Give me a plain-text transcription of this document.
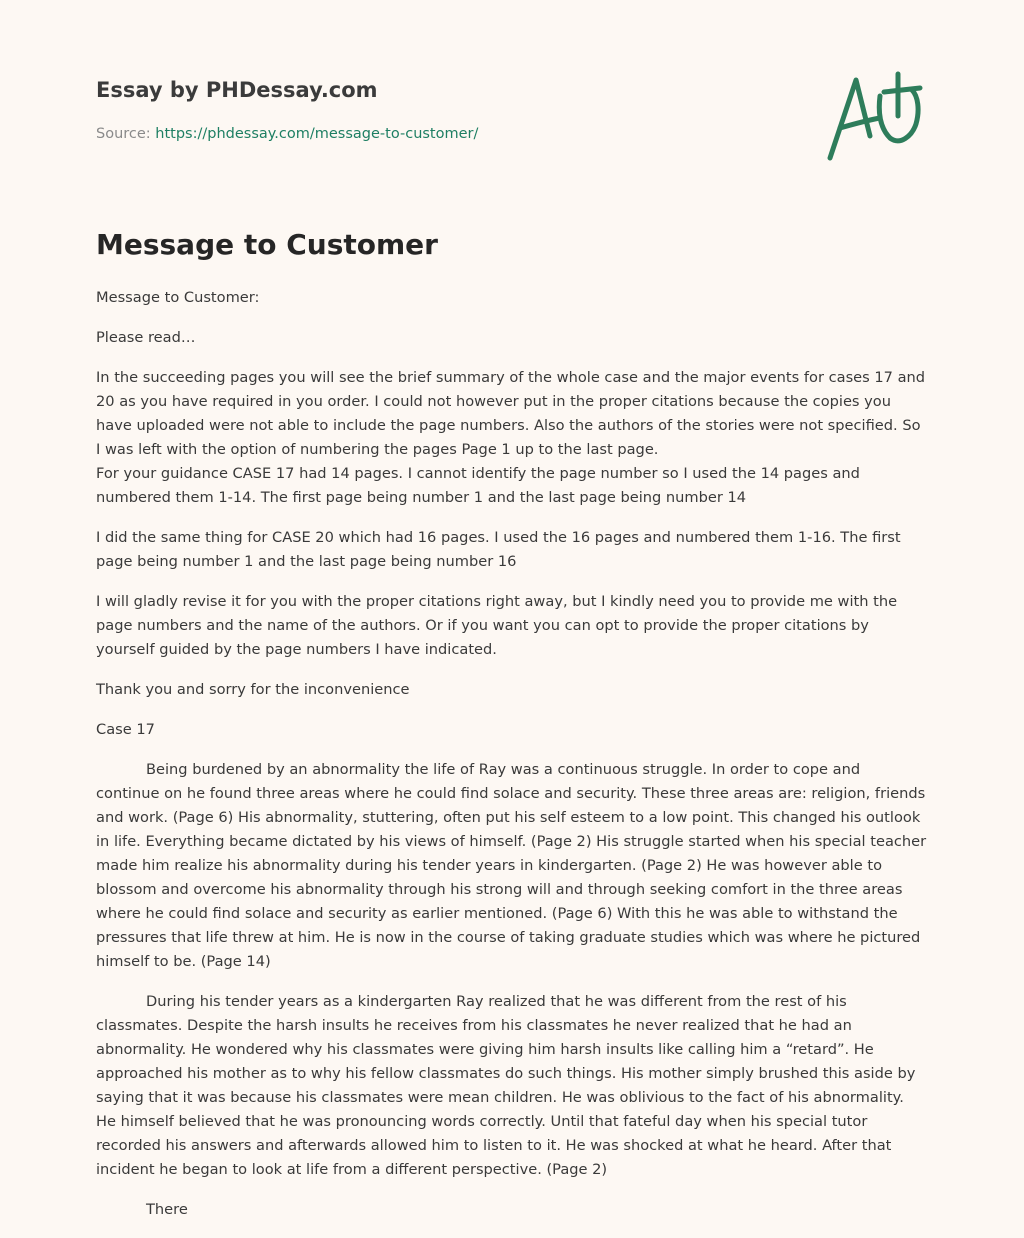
Essay by PHDessay.com
Source: https://phdessay.com/message-to-customer/
Message to Customer

Message to Customer:

Please read…

In the succeeding pages you will see the brief summary of the whole case and the major events for cases 17 and 20 as you have required in you order. I could not however put in the proper citations because the copies you have uploaded were not able to include the page numbers. Also the authors of the stories were not specified. So I was left with the option of numbering the pages Page 1 up to the last page.

For your guidance CASE 17 had 14 pages. I cannot identify the page number so I used the 14 pages and numbered them 1-14. The first page being number 1 and the last page being number 14

I did the same thing for CASE 20 which had 16 pages. I used the 16 pages and numbered them 1-16. The first page being number 1 and the last page being number 16

I will gladly revise it for you with the proper citations right away, but I kindly need you to provide me with the page numbers and the name of the authors. Or if you want you can opt to provide the proper citations by yourself guided by the page numbers I have indicated.

Thank you and sorry for the inconvenience

Case 17

Being burdened by an abnormality the life of Ray was a continuous struggle. In order to cope and continue on he found three areas where he could find solace and security. These three areas are: religion, friends and work. (Page 6) His abnormality, stuttering, often put his self esteem to a low point. This changed his outlook in life. Everything became dictated by his views of himself. (Page 2) His struggle started when his special teacher made him realize his abnormality during his tender years in kindergarten. (Page 2) He was however able to blossom and overcome his abnormality through his strong will and through seeking comfort in the three areas where he could find solace and security as earlier mentioned. (Page 6) With this he was able to withstand the pressures that life threw at him. He is now in the course of taking graduate studies which was where he pictured himself to be. (Page 14)

During his tender years as a kindergarten Ray realized that he was different from the rest of his classmates. Despite the harsh insults he receives from his classmates he never realized that he had an abnormality. He wondered why his classmates were giving him harsh insults like calling him a “retard”. He approached his mother as to why his fellow classmates do such things. His mother simply brushed this aside by saying that it was because his classmates were mean children. He was oblivious to the fact of his abnormality. He himself believed that he was pronouncing words correctly. Until that fateful day when his special tutor recorded his answers and afterwards allowed him to listen to it. He was shocked at what he heard. After that incident he began to look at life from a different perspective. (Page 2)

There
